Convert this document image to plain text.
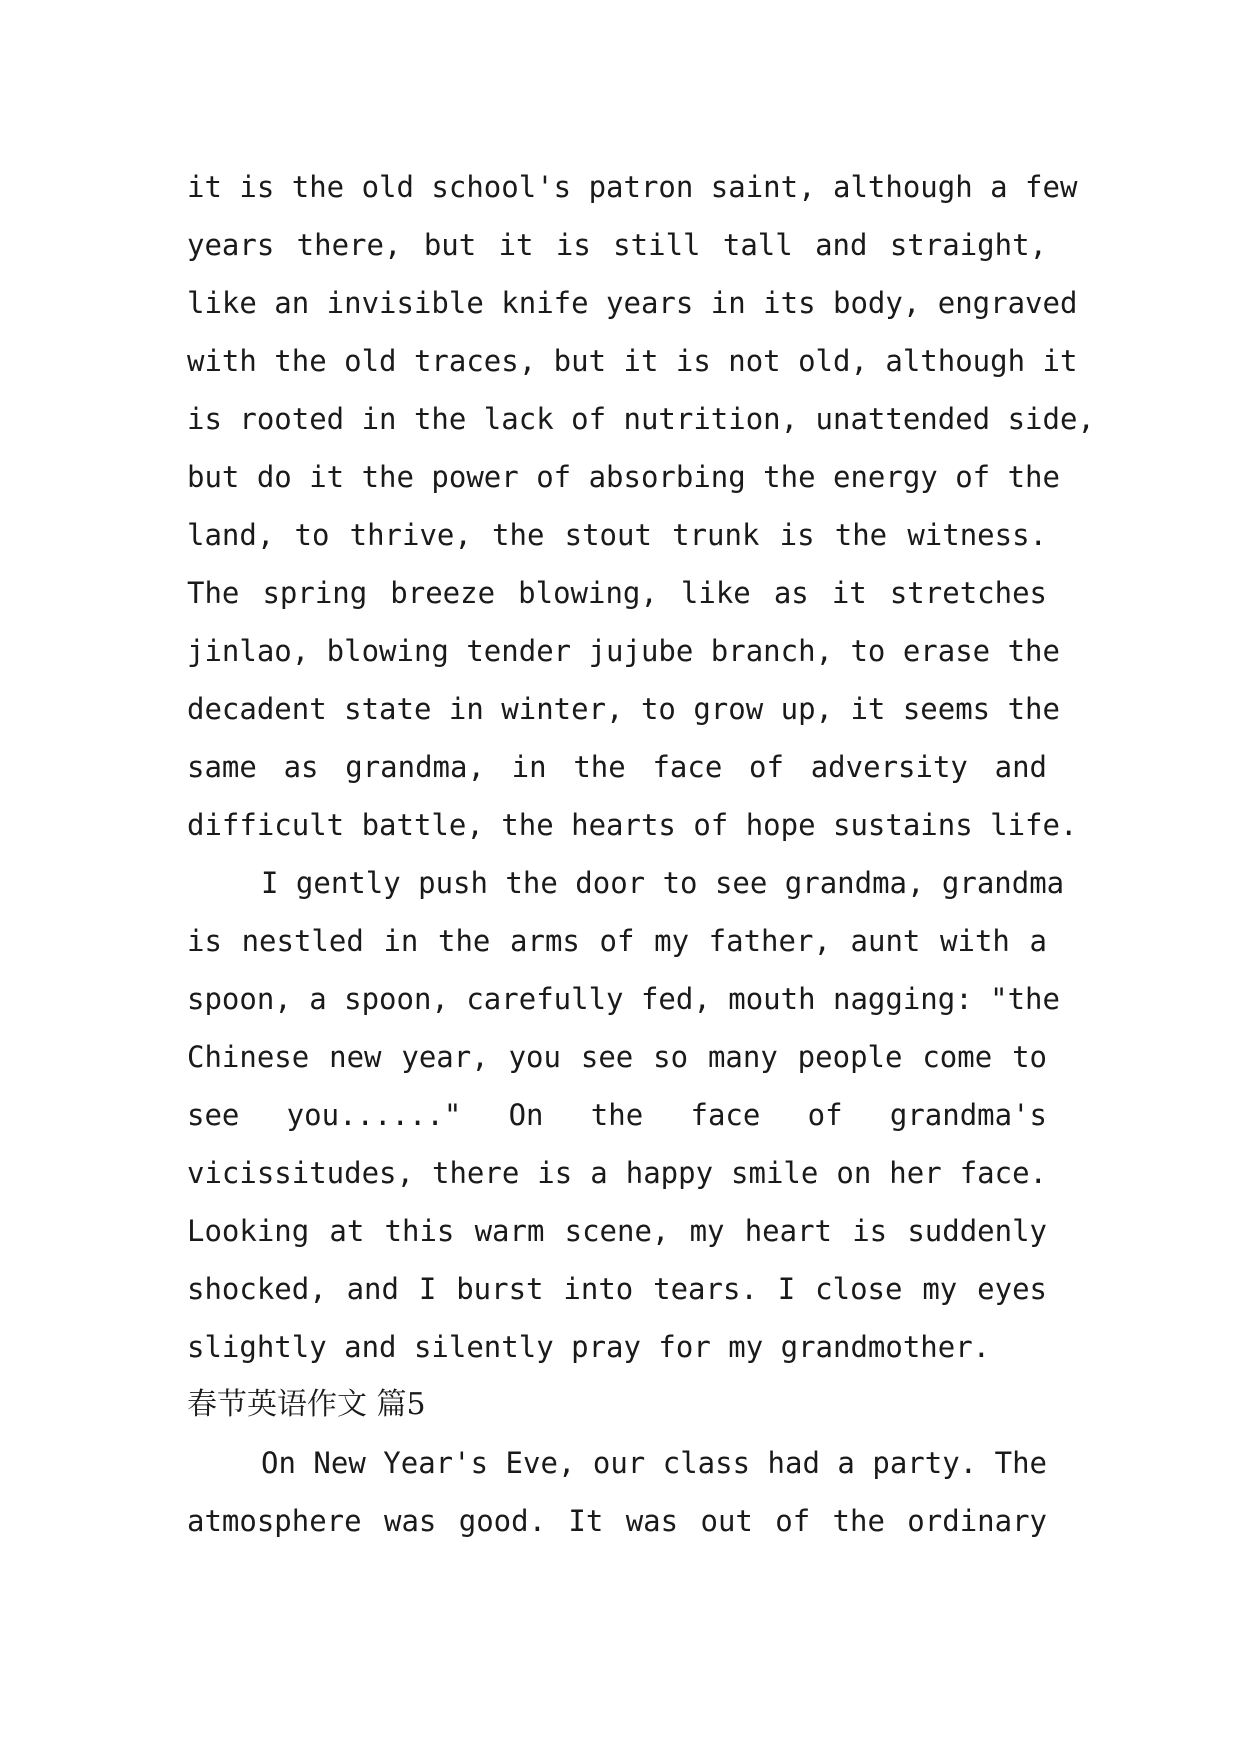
it is the old school's patron saint, although a few
years there, but it is still tall and straight,
like an invisible knife years in its body, engraved
with the old traces, but it is not old, although it
is rooted in the lack of nutrition, unattended side,
but do it the power of absorbing the energy of the
land, to thrive, the stout trunk is the witness.
The spring breeze blowing, like as it stretches
jinlao, blowing tender jujube branch, to erase the
decadent state in winter, to grow up, it seems the
same as grandma, in the face of adversity and
difficult battle, the hearts of hope sustains life.
I gently push the door to see grandma, grandma
is nestled in the arms of my father, aunt with a
spoon, a spoon, carefully fed, mouth nagging: "the
Chinese new year, you see so many people come to
see you......" On the face of grandma's
vicissitudes, there is a happy smile on her face.
Looking at this warm scene, my heart is suddenly
shocked, and I burst into tears. I close my eyes
slightly and silently pray for my grandmother.
春节英语作文 篇5
On New Year's Eve, our class had a party. The
atmosphere was good. It was out of the ordinary
